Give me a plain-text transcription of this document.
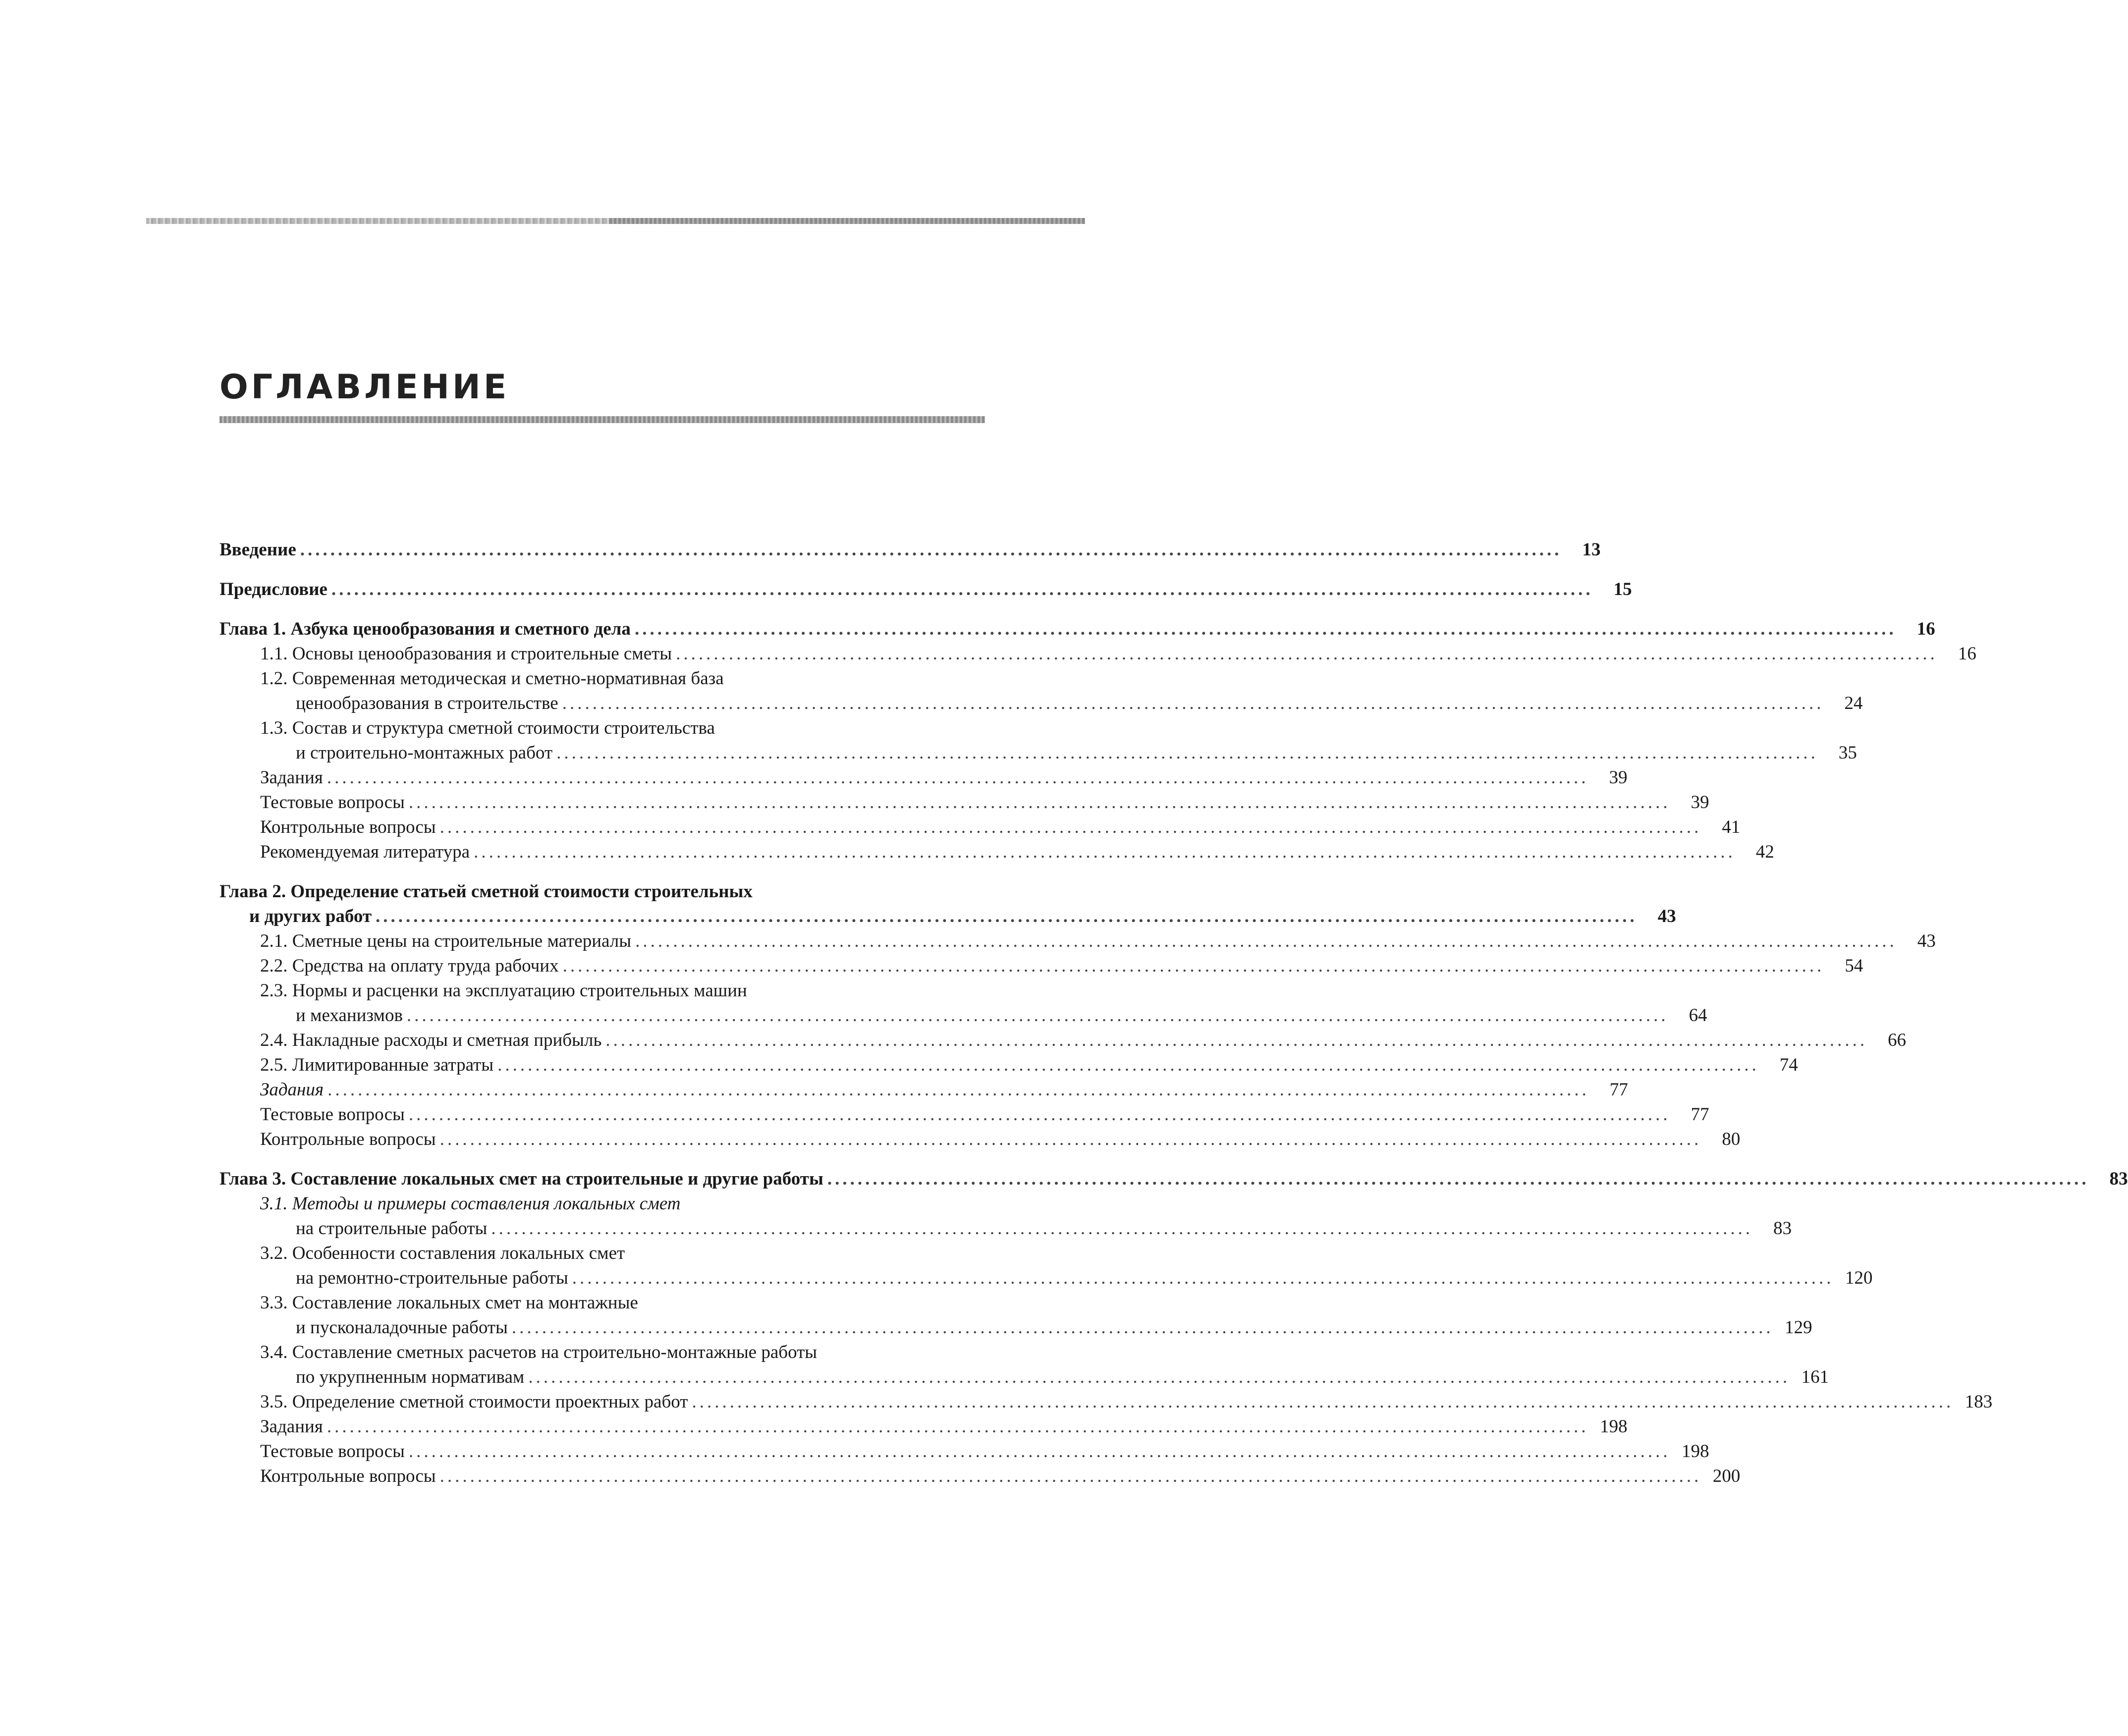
ОГЛАВЛЕНИЕ
Введение .......................................................................................................................................................................	13
Предисловие .......................................................................................................................................................................	15
Глава 1. Азбука ценообразования и сметного дела .......................................................................................................................................................................	16
1.1. Основы ценообразования и строительные сметы .......................................................................................................................................................................	16
1.2. Современная методическая и сметно-нормативная база
ценообразования в строительстве .......................................................................................................................................................................	24
1.3. Состав и структура сметной стоимости строительства
и строительно-монтажных работ .......................................................................................................................................................................	35
Задания .......................................................................................................................................................................	39
Тестовые вопросы .......................................................................................................................................................................	39
Контрольные вопросы .......................................................................................................................................................................	41
Рекомендуемая литература .......................................................................................................................................................................	42
Глава 2. Определение статьей сметной стоимости строительных
и других работ .......................................................................................................................................................................	43
2.1. Сметные цены на строительные материалы .......................................................................................................................................................................	43
2.2. Средства на оплату труда рабочих .......................................................................................................................................................................	54
2.3. Нормы и расценки на эксплуатацию строительных машин
и механизмов .......................................................................................................................................................................	64
2.4. Накладные расходы и сметная прибыль .......................................................................................................................................................................	66
2.5. Лимитированные затраты .......................................................................................................................................................................	74
Задания .......................................................................................................................................................................	77
Тестовые вопросы .......................................................................................................................................................................	77
Контрольные вопросы .......................................................................................................................................................................	80
Глава 3. Составление локальных смет на строительные и другие работы .......................................................................................................................................................................	83
3.1. Методы и примеры составления локальных смет
на строительные работы .......................................................................................................................................................................	83
3.2. Особенности составления локальных смет
на ремонтно-строительные работы ....................................................................................................................................................................... 120
3.3. Составление локальных смет на монтажные
и пусконаладочные работы ....................................................................................................................................................................... 129
3.4. Составление сметных расчетов на строительно-монтажные работы
по укрупненным нормативам ....................................................................................................................................................................... 161
3.5. Определение сметной стоимости проектных работ ....................................................................................................................................................................... 183
Задания ....................................................................................................................................................................... 198
Тестовые вопросы ....................................................................................................................................................................... 198
Контрольные вопросы ....................................................................................................................................................................... 200
